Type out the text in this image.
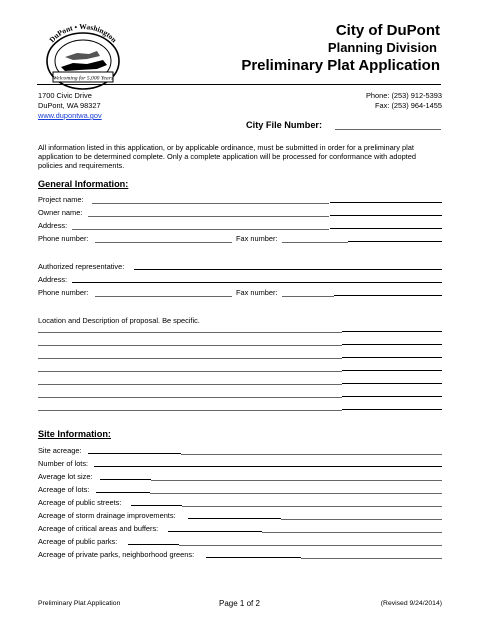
DuPont • Washington
Welcoming for 5,000 Years
City of DuPont
Planning Division
Preliminary Plat Application
1700 Civic Drive
DuPont, WA 98327
www.dupontwa.gov
Phone: (253) 912-5393
Fax: (253) 964-1455
City File Number:
All information listed in this application, or by applicable ordinance, must be submitted in order for a preliminary plat application to be determined complete. Only a complete application will be processed for conformance with adopted policies and requirements.
General Information:
Project name:
Owner name:
Address:
Phone number:	Fax number:
Authorized representative:
Address:
Phone number:	Fax number:
Location and Description of proposal. Be specific.
Site Information:
Site acreage:
Number of lots:
Average lot size:
Acreage of lots:
Acreage of public streets:
Acreage of storm drainage improvements:
Acreage of critical areas and buffers:
Acreage of public parks:
Acreage of private parks, neighborhood greens:
Preliminary Plat Application	Page 1 of 2	(Revised 9/24/2014)
